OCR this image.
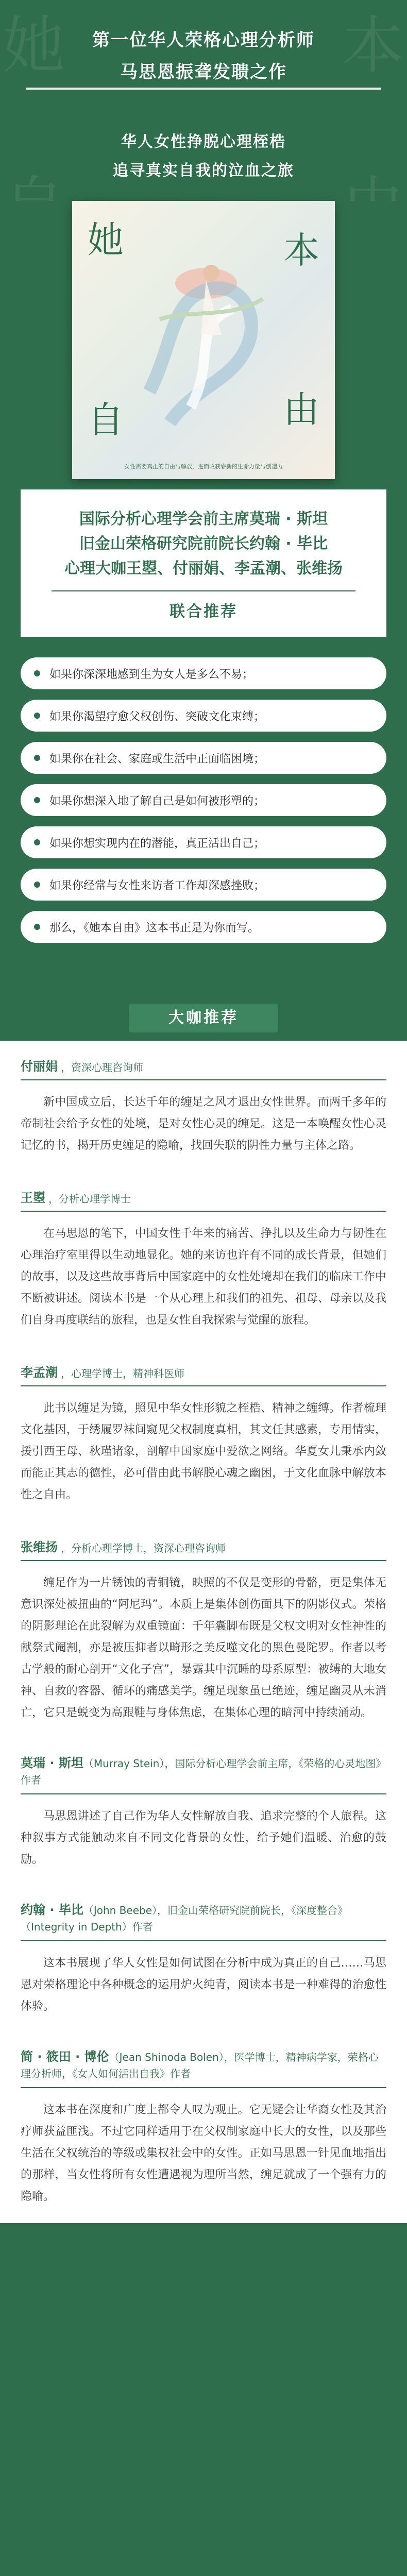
她	本
第一位华人荣格心理分析师
马思恩振聋发聩之作
华人女性挣脱心理桎梏
追寻真实自我的泣血之旅
她	本
自	由
女性需要真正的自由与解放，进而收获崭新的生命力量与创造力
国际分析心理学会前主席莫瑞 · 斯坦
旧金山荣格研究院前院长约翰 · 毕比
心理大咖王曌、付丽娟、李孟潮、张维扬
联合推荐
如果你深深地感到生为女人是多么不易；
如果你渴望疗愈父权创伤、突破文化束缚；
如果你在社会、家庭或生活中正面临困境；
如果你想深入地了解自己是如何被形塑的；
如果你想实现内在的潜能，真正活出自己；
如果你经常与女性来访者工作却深感挫败；
那么，《她本自由》这本书正是为你而写。
大咖推荐
付丽娟 ，资深心理咨询师
新中国成立后，长达千年的缠足之风才退出女性世界。而两千多年的帝制社会给予女性的处境，是对女性心灵的缠足。这是一本唤醒女性心灵记忆的书，揭开历史缠足的隐喻，找回失联的阴性力量与主体之路。
王曌 ，分析心理学博士
在马思恩的笔下，中国女性千年来的痛苦、挣扎以及生命力与韧性在心理治疗室里得以生动地显化。她的来访也许有不同的成长背景，但她们的故事，以及这些故事背后中国家庭中的女性处境却在我们的临床工作中不断被讲述。阅读本书是一个从心理上和我们的祖先、祖母、母亲以及我们自身再度联结的旅程，也是女性自我探索与觉醒的旅程。
李孟潮 ，心理学博士，精神科医师
此书以缠足为镜，照见中华女性形貌之桎梏、精神之缠缚。作者梳理文化基因，于绣履罗袜间窥见父权制度真相，其文任其感素，专用情实，援引西王母、秋瑾诸象，剖解中国家庭中爱欲之网络。华夏女儿秉承内敛而能正其志的德性，必可借由此书解脱心魂之幽困，于文化血脉中解放本性之自由。
张维扬 ，分析心理学博士，资深心理咨询师
缠足作为一片锈蚀的青铜镜，映照的不仅是变形的骨骼，更是集体无意识深处被扭曲的“阿尼玛”。本质上是集体创伤面具下的阴影仪式。荣格的阴影理论在此裂解为双重镜面：千年囊脚布既是父权文明对女性神性的献祭式阉割，亦是被压抑者以畸形之美反噬文化的黑色曼陀罗。作者以考古学般的耐心剖开“文化子宫”，暴露其中沉睡的母系原型：被缚的大地女神、自救的容器、循环的痛感美学。缠足现象虽已绝迹，缠足幽灵从未消亡，它只是蜕变为高跟鞋与身体焦虑，在集体心理的暗河中持续涌动。
莫瑞 · 斯坦（Murray Stein），国际分析心理学会前主席，《荣格的心灵地图》作者
马思恩讲述了自己作为华人女性解放自我、追求完整的个人旅程。这种叙事方式能触动来自不同文化背景的女性，给予她们温暖、治愈的鼓励。
约翰 · 毕比（John Beebe），旧金山荣格研究院前院长，《深度整合》（Integrity in Depth）作者
这本书展现了华人女性是如何试图在分析中成为真正的自己……马思恩对荣格理论中各种概念的运用炉火纯青，阅读本书是一种难得的治愈性体验。
简 · 筱田 · 博伦（Jean Shinoda Bolen），医学博士，精神病学家，荣格心理分析师，《女人如何活出自我》作者
这本书在深度和广度上都令人叹为观止。它无疑会让华裔女性及其治疗师获益匪浅。不过它同样适用于在父权制家庭中长大的女性，以及那些生活在父权统治的等级或集权社会中的女性。正如马思恩一针见血地指出的那样，当女性将所有女性遭遇视为理所当然，缠足就成了一个强有力的隐喻。
